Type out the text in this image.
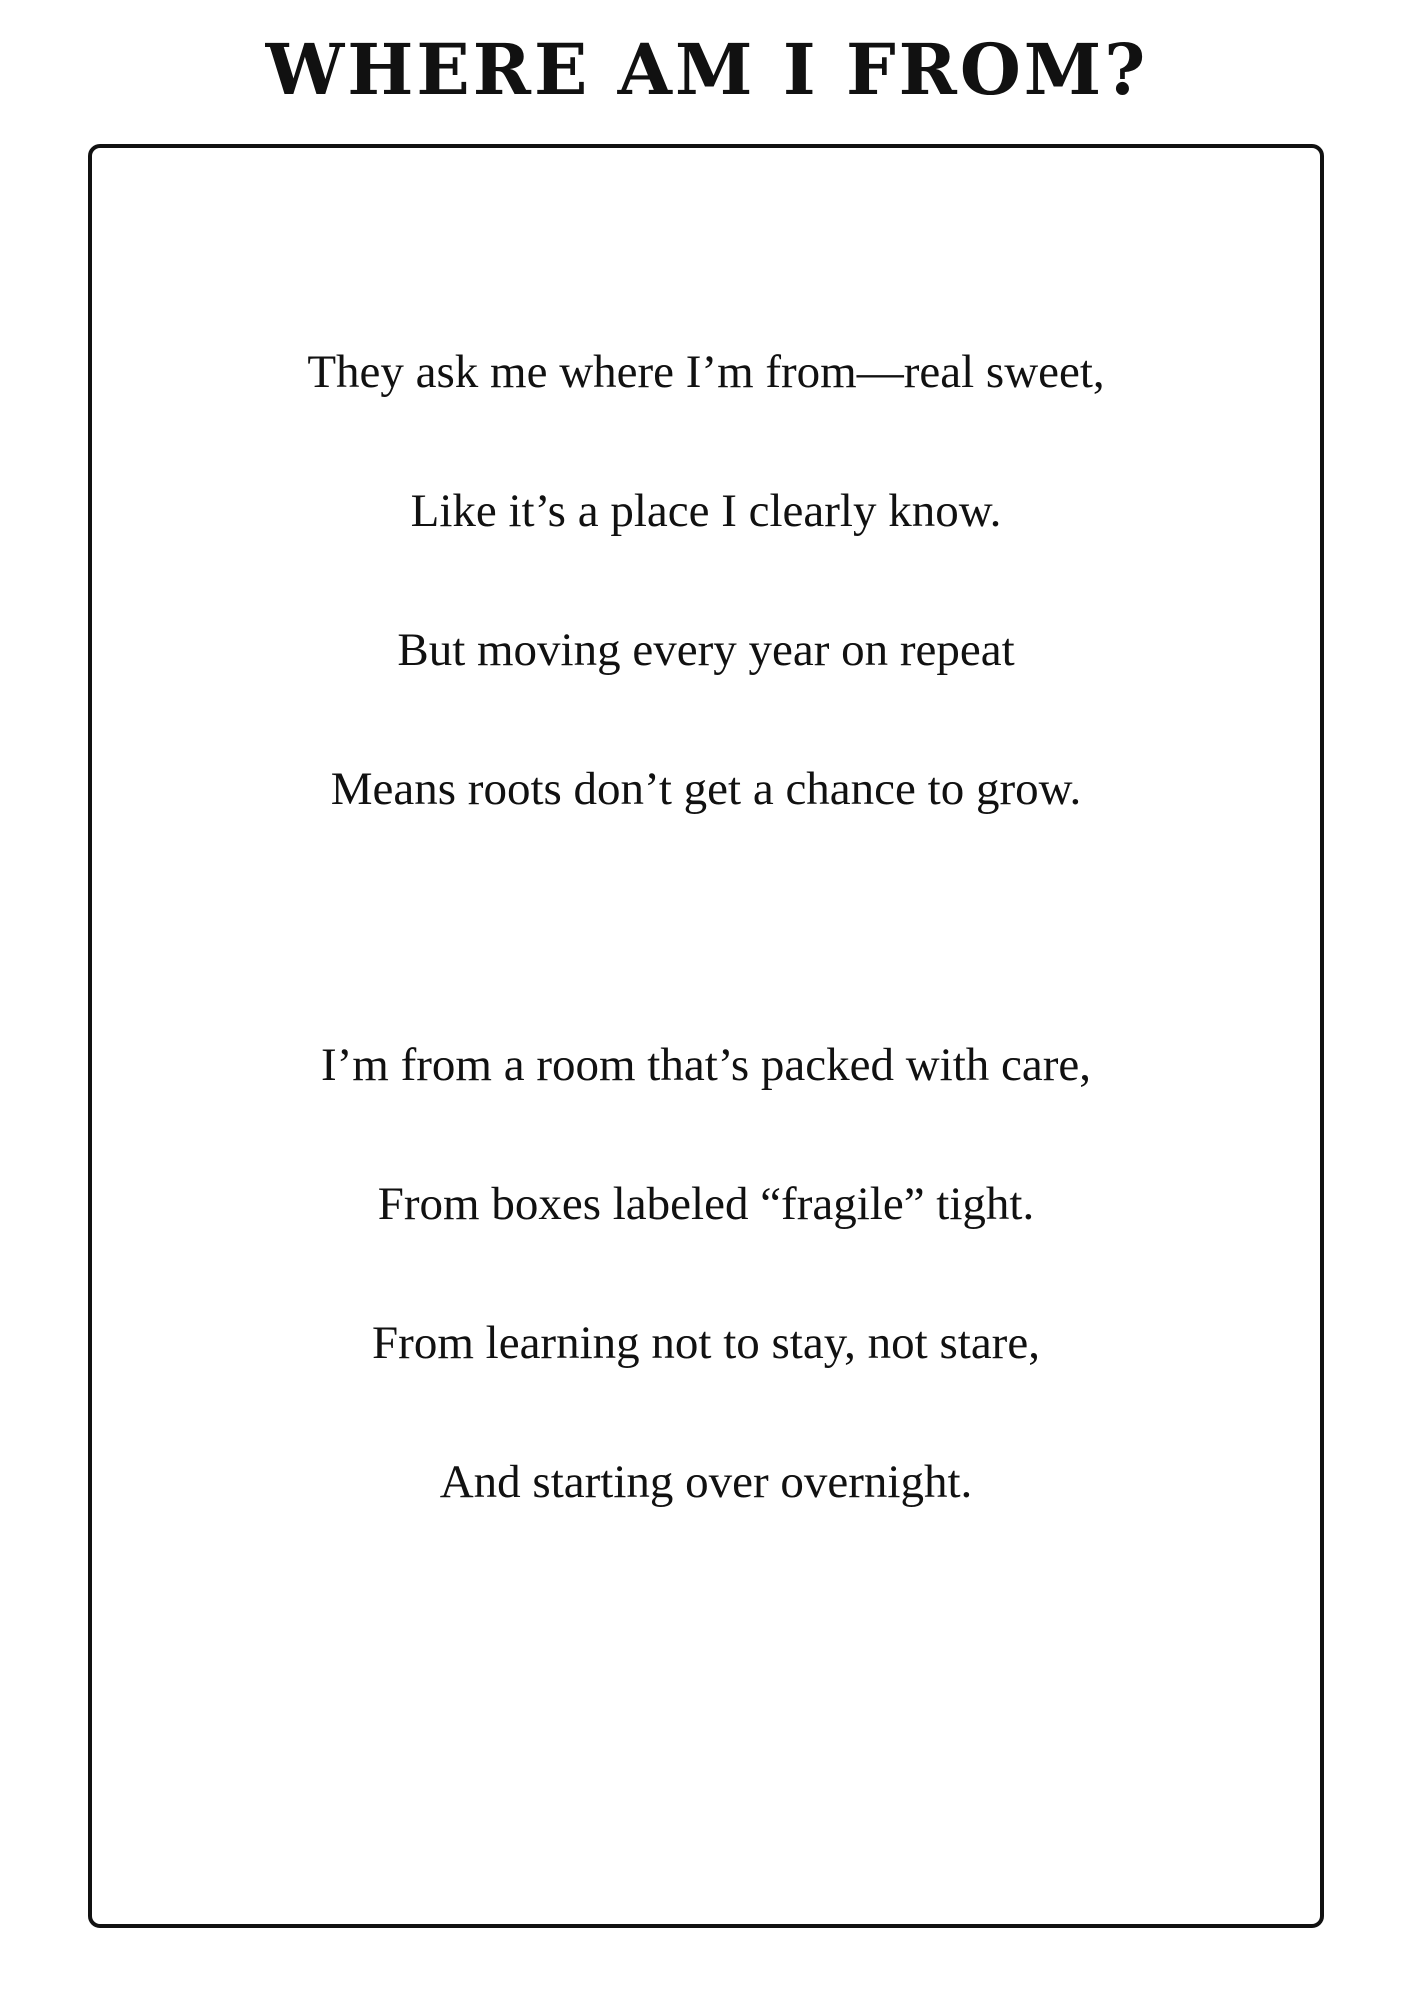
WHERE AM I FROM?
They ask me where I’m from—real sweet,
Like it’s a place I clearly know.
But moving every year on repeat
Means roots don’t get a chance to grow.
I’m from a room that’s packed with care,
From boxes labeled “fragile” tight.
From learning not to stay, not stare,
And starting over overnight.
